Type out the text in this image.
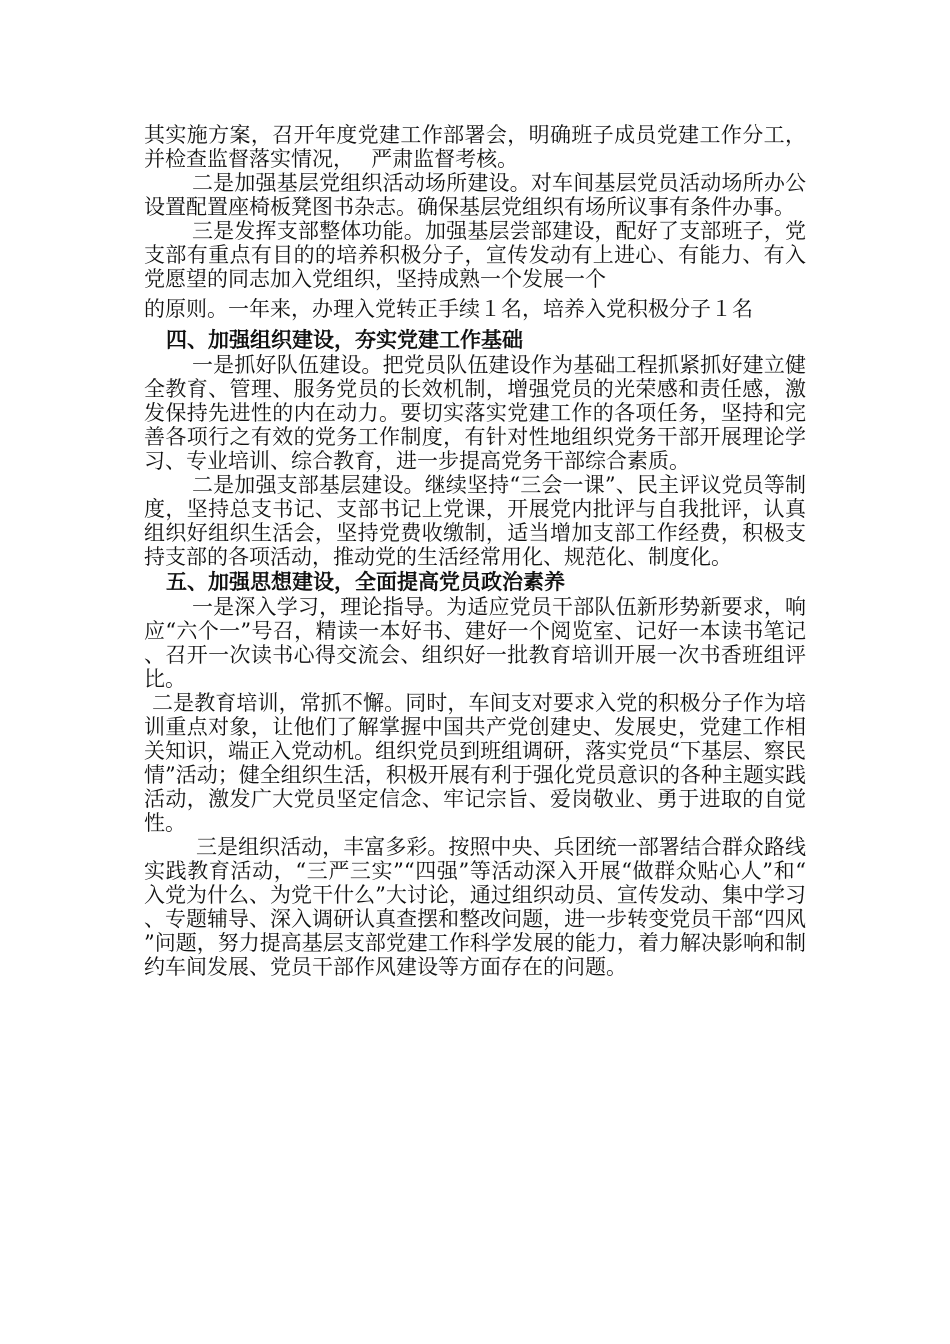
其实施方案，召开年度党建工作部署会，明确班子成员党建工作分工，并检查监督落实情况，　 严肃监督考核。

二是加强基层党组织活动场所建设。对车间基层党员活动场所办公设置配置座椅板凳图书杂志。确保基层党组织有场所议事有条件办事。

三是发挥支部整体功能。加强基层尝部建设，配好了支部班子，党支部有重点有目的的培养积极分子，宣传发动有上进心、有能力、有入党愿望的同志加入党组织，坚持成熟一个发展一个

的原则。一年来，办理入党转正手续１名，培养入党积极分子１名

四、加强组织建设，夯实党建工作基础

一是抓好队伍建设。把党员队伍建设作为基础工程抓紧抓好建立健全教育、管理、服务党员的长效机制，增强党员的光荣感和责任感，激发保持先进性的内在动力。要切实落实党建工作的各项任务，坚持和完善各项行之有效的党务工作制度，有针对性地组织党务干部开展理论学习、专业培训、综合教育，进一步提高党务干部综合素质。

二是加强支部基层建设。继续坚持“三会一课”、民主评议党员等制度，坚持总支书记、支部书记上党课，开展党内批评与自我批评，认真组织好组织生活会，坚持党费收缴制，适当增加支部工作经费，积极支持支部的各项活动，推动党的生活经常用化、规范化、制度化。

五、加强思想建设，全面提高党员政治素养

一是深入学习，理论指导。为适应党员干部队伍新形势新要求，响应“六个一”号召，精读一本好书、建好一个阅览室、记好一本读书笔记、召开一次读书心得交流会、组织好一批教育培训开展一次书香班组评比。

二是教育培训，常抓不懈。同时，车间支对要求入党的积极分子作为培训重点对象，让他们了解掌握中国共产党创建史、发展史，党建工作相关知识，端正入党动机。组织党员到班组调研，落实党员“下基层、察民情”活动；健全组织生活，积极开展有利于强化党员意识的各种主题实践活动，激发广大党员坚定信念、牢记宗旨、爱岗敬业、勇于进取的自觉性。

三是组织活动，丰富多彩。按照中央、兵团统一部署结合群众路线实践教育活动，“三严三实”“四强”等活动深入开展“做群众贴心人”和“入党为什么、为党干什么”大讨论，通过组织动员、宣传发动、集中学习、专题辅导、深入调研认真查摆和整改问题，进一步转变党员干部“四风”问题，努力提高基层支部党建工作科学发展的能力，着力解决影响和制约车间发展、党员干部作风建设等方面存在的问题。
